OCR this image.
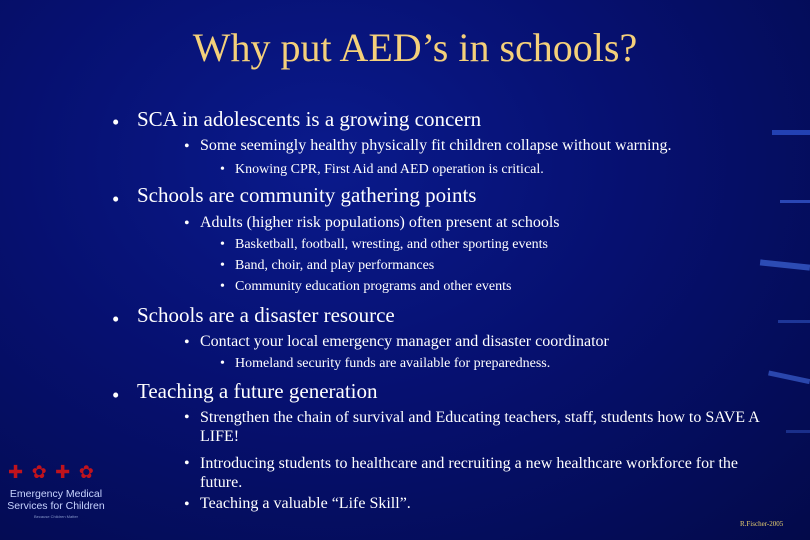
Why put AED’s in schools?
• SCA in adolescents is a growing concern
• Some seemingly healthy physically fit children collapse without warning.
• Knowing CPR, First Aid and AED operation is critical.
• Schools are community gathering points
• Adults (higher risk populations) often present at schools
• Basketball, football, wresting, and other sporting events
• Band, choir, and play performances
• Community education programs and other events
• Schools are a disaster resource
• Contact your local emergency manager and disaster coordinator
• Homeland security funds are available for preparedness.
• Teaching a future generation
• Strengthen the chain of survival and Educating teachers, staff, students how to SAVE A LIFE!
• Introducing students to healthcare and recruiting a new healthcare workforce for the future.
• Teaching a valuable “Life Skill”.
✚ ✿ ✚ ✿
Emergency Medical
Services for Children
Because Children Matter
R.Fischer-2005
